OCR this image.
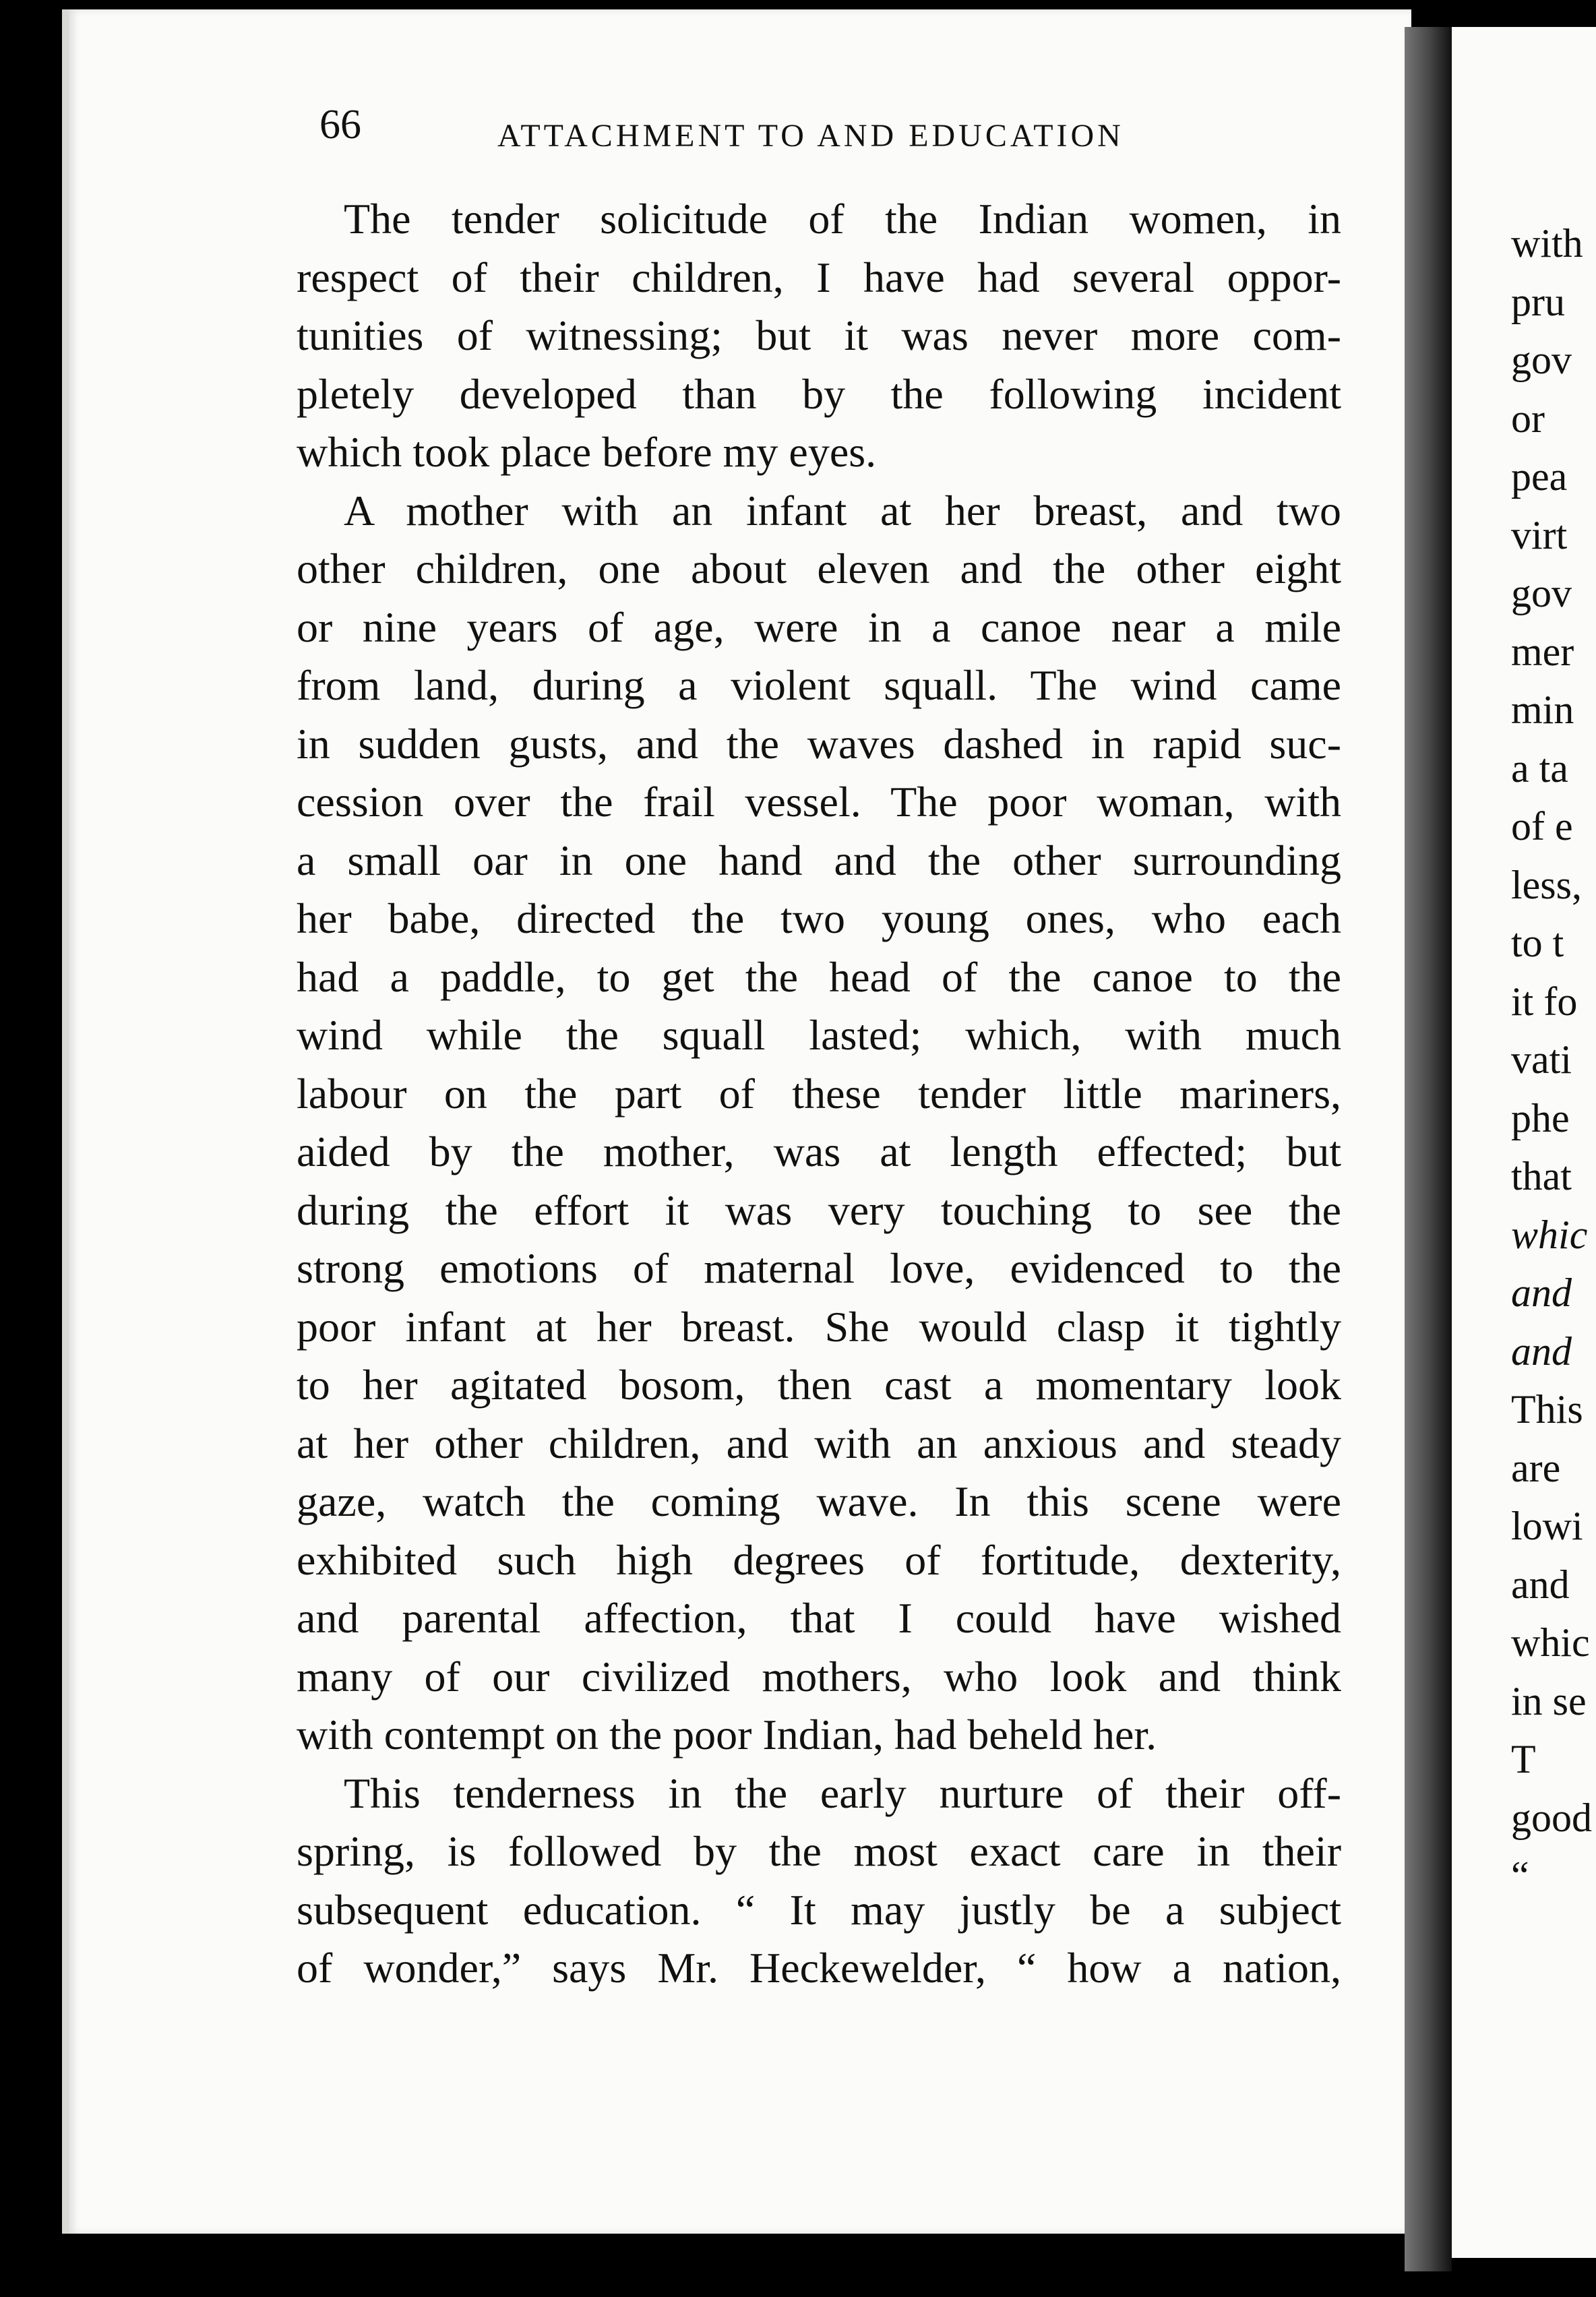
with
pru
gov
or
pea
virt
gov
mer
min
a ta
of e
less,
to t
it fo
vati
phe
that
whic
and
and
This
are
lowi
and
whic
in se
T
good
“
66	ATTACHMENT TO AND EDUCATION
The tender solicitude of the Indian women, in
respect of their children, I have had several oppor-
tunities of witnessing; but it was never more com-
pletely developed than by the following incident
which took place before my eyes.
A mother with an infant at her breast, and two
other children, one about eleven and the other eight
or nine years of age, were in a canoe near a mile
from land, during a violent squall. The wind came
in sudden gusts, and the waves dashed in rapid suc-
cession over the frail vessel. The poor woman, with
a small oar in one hand and the other surrounding
her babe, directed the two young ones, who each
had a paddle, to get the head of the canoe to the
wind while the squall lasted; which, with much
labour on the part of these tender little mariners,
aided by the mother, was at length effected; but
during the effort it was very touching to see the
strong emotions of maternal love, evidenced to the
poor infant at her breast. She would clasp it tightly
to her agitated bosom, then cast a momentary look
at her other children, and with an anxious and steady
gaze, watch the coming wave. In this scene were
exhibited such high degrees of fortitude, dexterity,
and parental affection, that I could have wished
many of our civilized mothers, who look and think
with contempt on the poor Indian, had beheld her.
This tenderness in the early nurture of their off-
spring, is followed by the most exact care in their
subsequent education. “ It may justly be a subject
of wonder,” says Mr. Heckewelder, “ how a nation,
